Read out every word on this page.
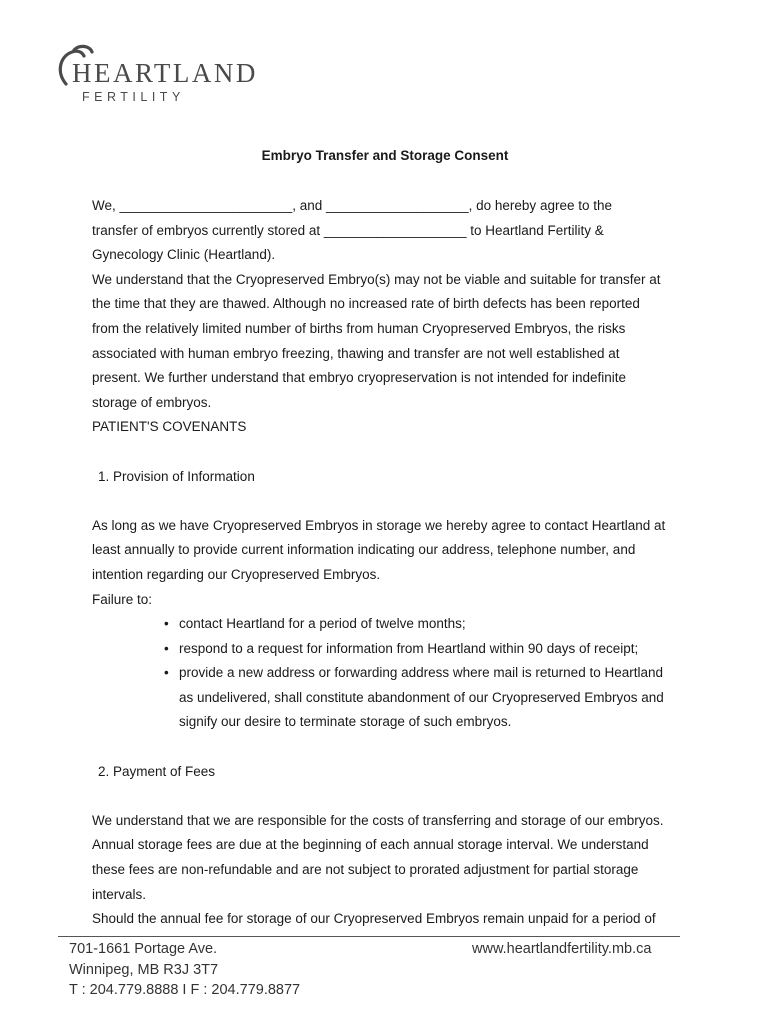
HEARTLAND
FERTILITY
Embryo Transfer and Storage Consent
We, _______________________, and ___________________, do hereby agree to the
transfer of embryos currently stored at ___________________ to Heartland Fertility &
Gynecology Clinic (Heartland).
We understand that the Cryopreserved Embryo(s) may not be viable and suitable for transfer at
the time that they are thawed. Although no increased rate of birth defects has been reported
from the relatively limited number of births from human Cryopreserved Embryos, the risks
associated with human embryo freezing, thawing and transfer are not well established at
present. We further understand that embryo cryopreservation is not intended for indefinite
storage of embryos.
PATIENT'S COVENANTS
1. Provision of Information
As long as we have Cryopreserved Embryos in storage we hereby agree to contact Heartland at
least annually to provide current information indicating our address, telephone number, and
intention regarding our Cryopreserved Embryos.
Failure to:
• contact Heartland for a period of twelve months;
• respond to a request for information from Heartland within 90 days of receipt;
• provide a new address or forwarding address where mail is returned to Heartland
as undelivered, shall constitute abandonment of our Cryopreserved Embryos and
signify our desire to terminate storage of such embryos.
2. Payment of Fees
We understand that we are responsible for the costs of transferring and storage of our embryos.
Annual storage fees are due at the beginning of each annual storage interval. We understand
these fees are non-refundable and are not subject to prorated adjustment for partial storage
intervals.
Should the annual fee for storage of our Cryopreserved Embryos remain unpaid for a period of
701-1661 Portage Ave.
Winnipeg, MB R3J 3T7
T : 204.779.8888 I F : 204.779.8877
www.heartlandfertility.mb.ca
